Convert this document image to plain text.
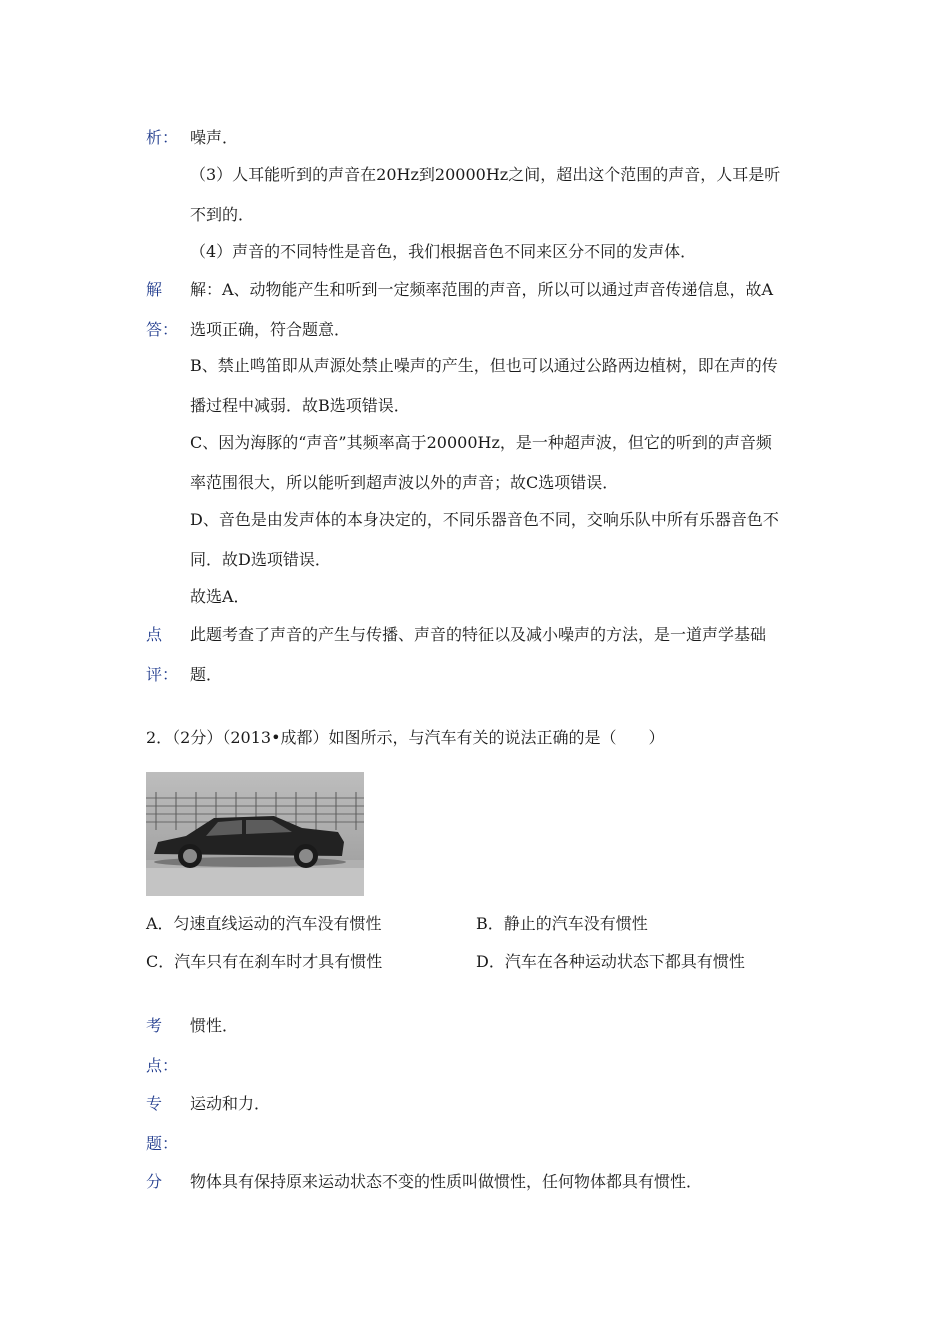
析： 噪声．
（3）人耳能听到的声音在20Hz到20000Hz之间，超出这个范围的声音，人耳是听
不到的．
（4）声音的不同特性是音色，我们根据音色不同来区分不同的发声体．
解
答：
解：A、动物能产生和听到一定频率范围的声音，所以可以通过声音传递信息，故A
选项正确，符合题意．
B、禁止鸣笛即从声源处禁止噪声的产生，但也可以通过公路两边植树，即在声的传
播过程中减弱．故B选项错误．
C、因为海豚的“声音”其频率高于20000Hz，是一种超声波，但它的听到的声音频
率范围很大，所以能听到超声波以外的声音；故C选项错误．
D、音色是由发声体的本身决定的，不同乐器音色不同，交响乐队中所有乐器音色不
同．故D选项错误．
故选A．
点
评：
此题考查了声音的产生与传播、声音的特征以及减小噪声的方法，是一道声学基础
题．
2．（2分）（2013•成都）如图所示，与汽车有关的说法正确的是（　　）
A．匀速直线运动的汽车没有惯性	B．静止的汽车没有惯性
C．汽车只有在刹车时才具有惯性	D．汽车在各种运动状态下都具有惯性
考
点：
惯性．
专
题：
运动和力．
分 物体具有保持原来运动状态不变的性质叫做惯性，任何物体都具有惯性．
